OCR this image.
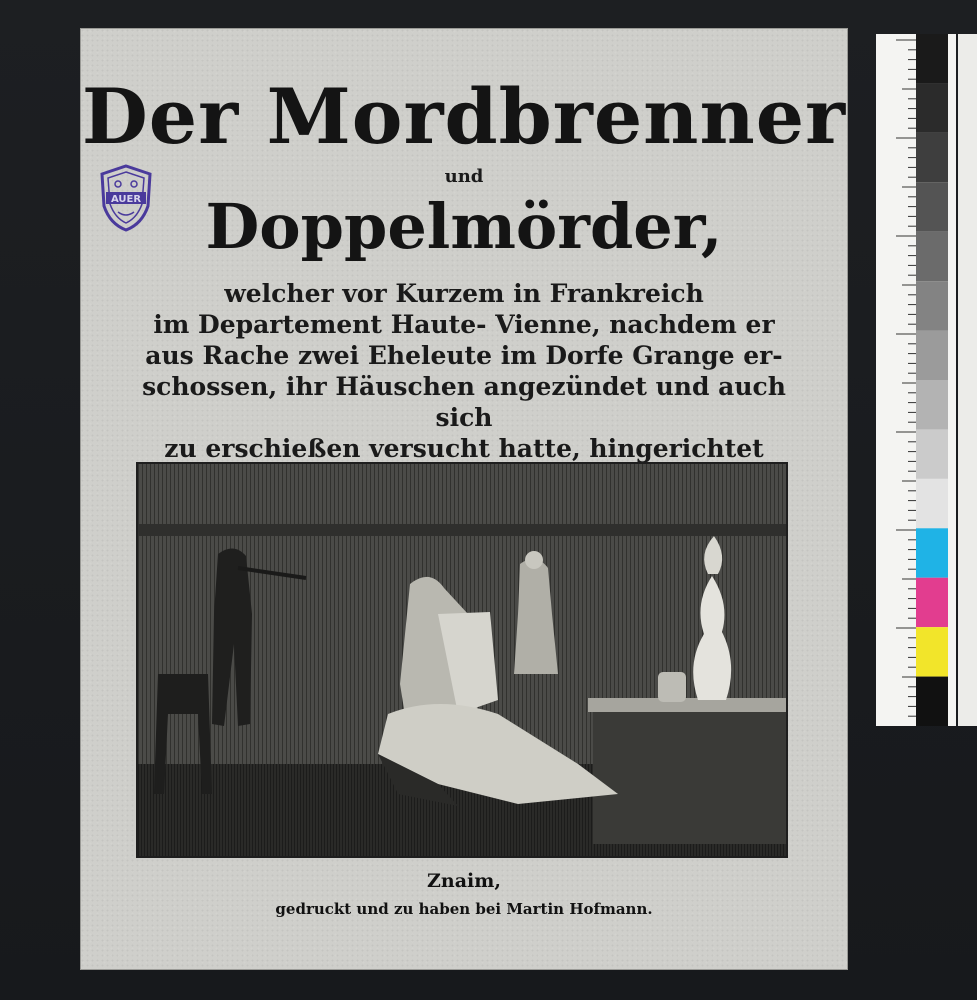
Der Mordbrenner
und
Doppelmörder,
welcher vor Kurzem in Frankreich
im Departement Haute- Vienne, nachdem er
aus Rache zwei Eheleute im Dorfe Grange er-
schossen, ihr Häuschen angezündet und auch sich
zu erschießen versucht hatte, hingerichtet
AUER
Znaim,
gedruckt und zu haben bei Martin Hofmann.
